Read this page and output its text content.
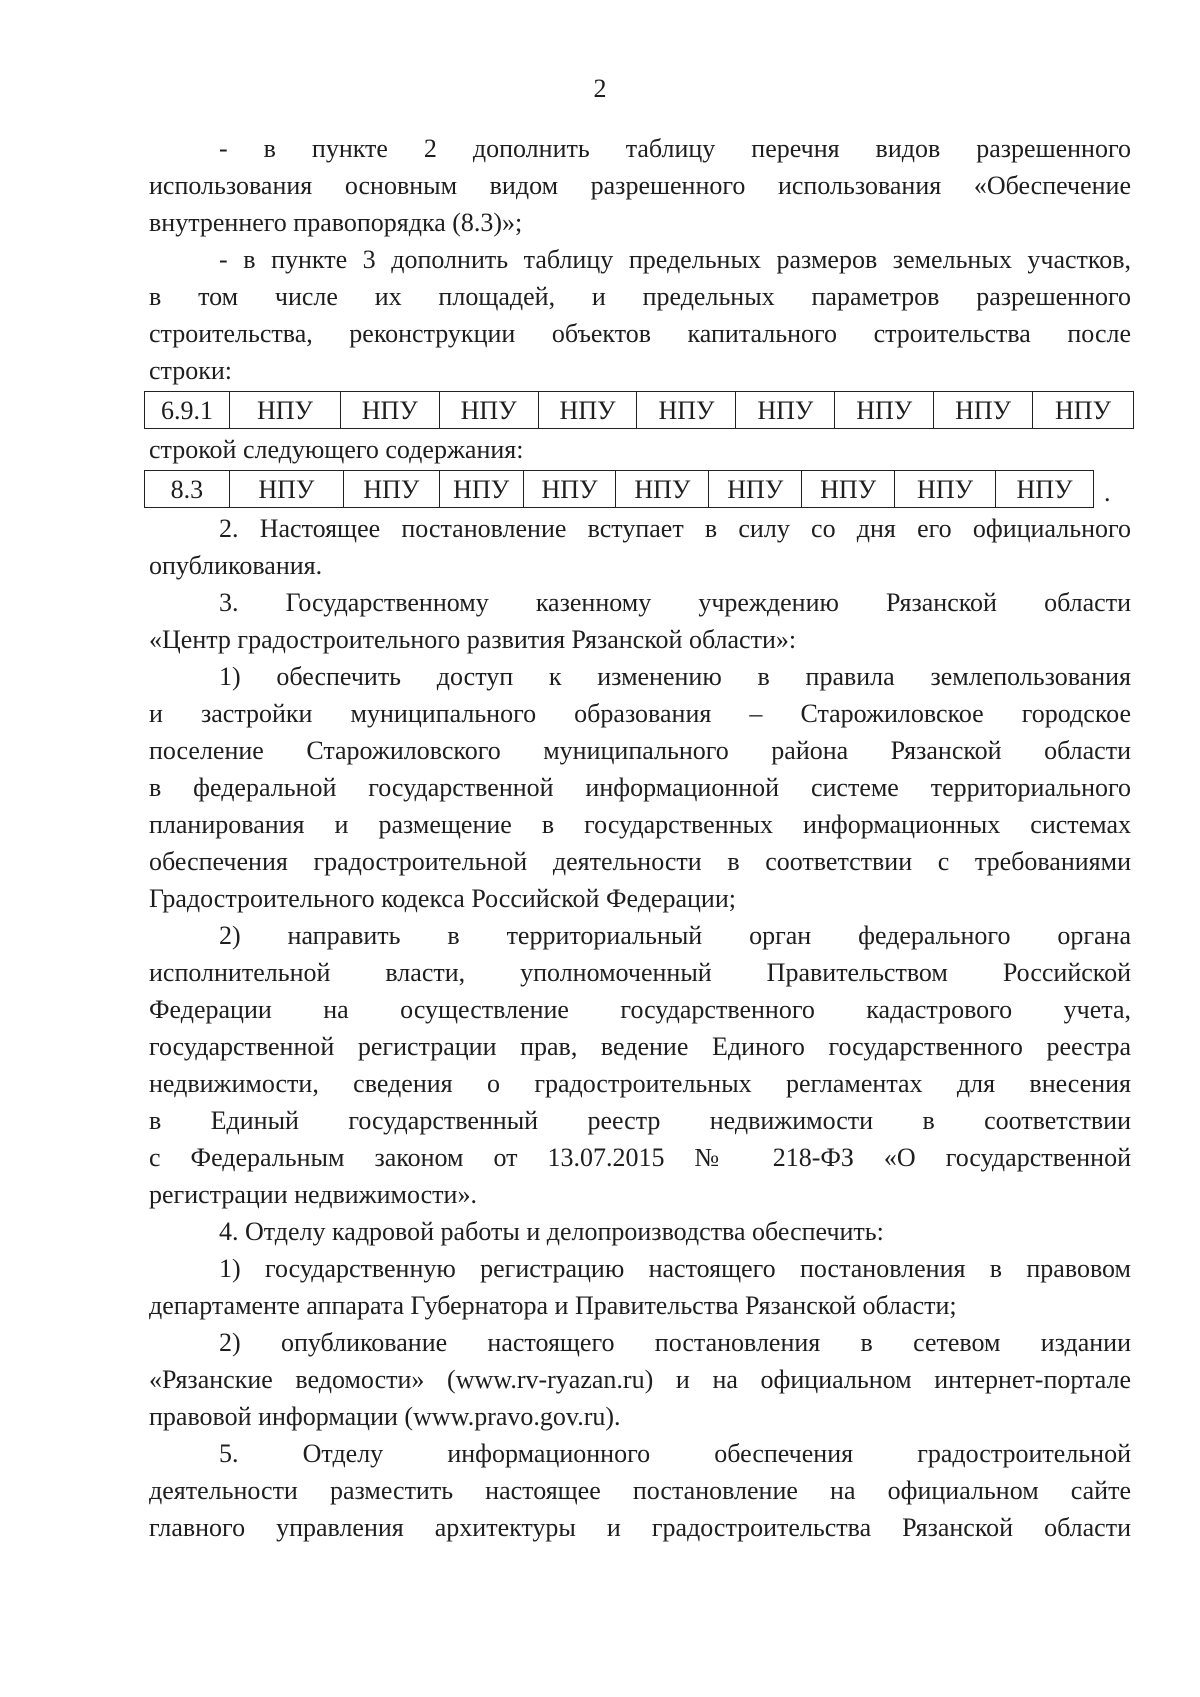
2

- в пункте 2 дополнить таблицу перечня видов разрешенного

использования основным видом разрешенного использования «Обеспечение

внутреннего правопорядка (8.3)»;

- в пункте 3 дополнить таблицу предельных размеров земельных участков,

в том числе их площадей, и предельных параметров разрешенного

строительства, реконструкции объектов капитального строительства после

строки:

6.9.1	НПУ	НПУ	НПУ	НПУ	НПУ	НПУ	НПУ	НПУ	НПУ

строкой следующего содержания:

8.3	НПУ	НПУ	НПУ	НПУ	НПУ	НПУ	НПУ	НПУ	НПУ .

2. Настоящее постановление вступает в силу со дня его официального

опубликования.

3. Государственному казенному учреждению Рязанской области

«Центр градостроительного развития Рязанской области»:

1) обеспечить доступ к изменению в правила землепользования

и застройки муниципального образования – Старожиловское городское

поселение Старожиловского муниципального района Рязанской области

в федеральной государственной информационной системе территориального

планирования и размещение в государственных информационных системах

обеспечения градостроительной деятельности в соответствии с требованиями

Градостроительного кодекса Российской Федерации;

2) направить в территориальный орган федерального органа

исполнительной власти, уполномоченный Правительством Российской

Федерации на осуществление государственного кадастрового учета,

государственной регистрации прав, ведение Единого государственного реестра

недвижимости, сведения о градостроительных регламентах для внесения

в Единый государственный реестр недвижимости в соответствии

с Федеральным законом от 13.07.2015 № 218-ФЗ «О государственной

регистрации недвижимости».

4. Отделу кадровой работы и делопроизводства обеспечить:

1) государственную регистрацию настоящего постановления в правовом

департаменте аппарата Губернатора и Правительства Рязанской области;

2) опубликование настоящего постановления в сетевом издании

«Рязанские ведомости» (www.rv-ryazan.ru) и на официальном интернет-портале

правовой информации (www.pravo.gov.ru).

5. Отделу информационного обеспечения градостроительной

деятельности разместить настоящее постановление на официальном сайте

главного управления архитектуры и градостроительства Рязанской области
